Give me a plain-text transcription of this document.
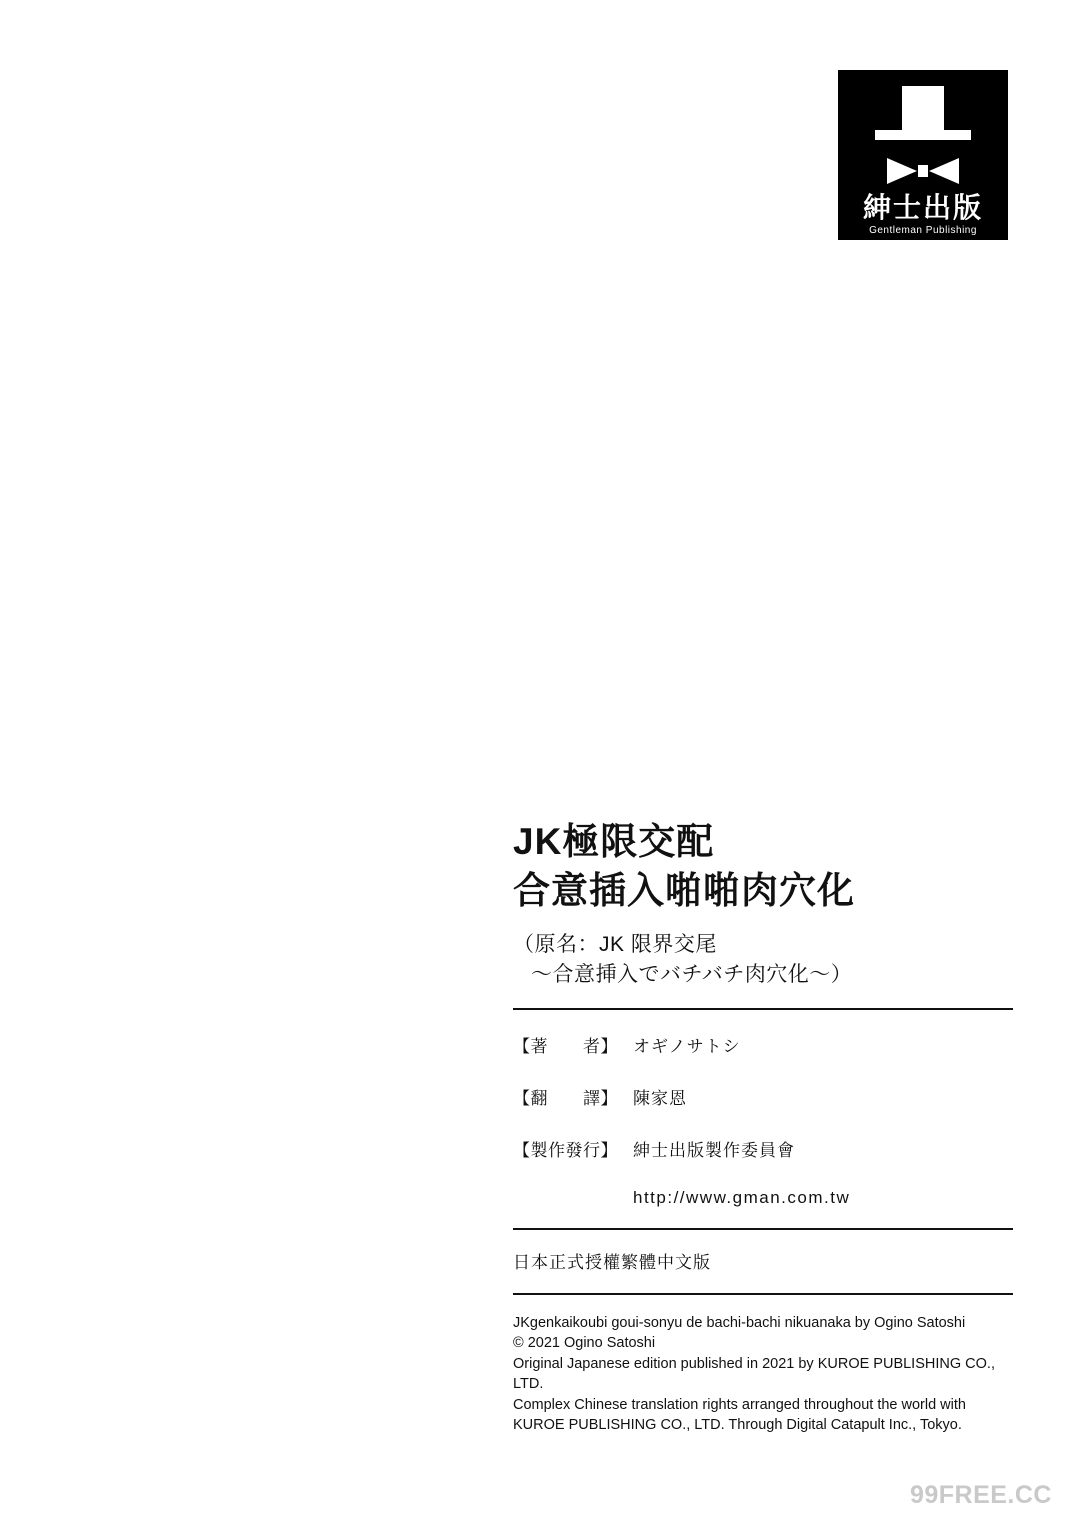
紳士出版
Gentleman Publishing
JK極限交配
合意插入啪啪肉穴化

（原名：JK 限界交尾
〜合意挿入でバチバチ肉穴化〜）

【著　　者】 オギノサトシ
【翻　　譯】 陳家恩
【製作發行】 紳士出版製作委員會
http://www.gman.com.tw

日本正式授權繁體中文版

JKgenkaikoubi goui-sonyu de bachi-bachi nikuanaka by Ogino Satoshi

© 2021 Ogino Satoshi

Original Japanese edition published in 2021 by KUROE PUBLISHING CO., LTD.

Complex Chinese translation rights arranged throughout the world with KUROE PUBLISHING CO., LTD. Through Digital Catapult Inc., Tokyo.

99FREE.CC
